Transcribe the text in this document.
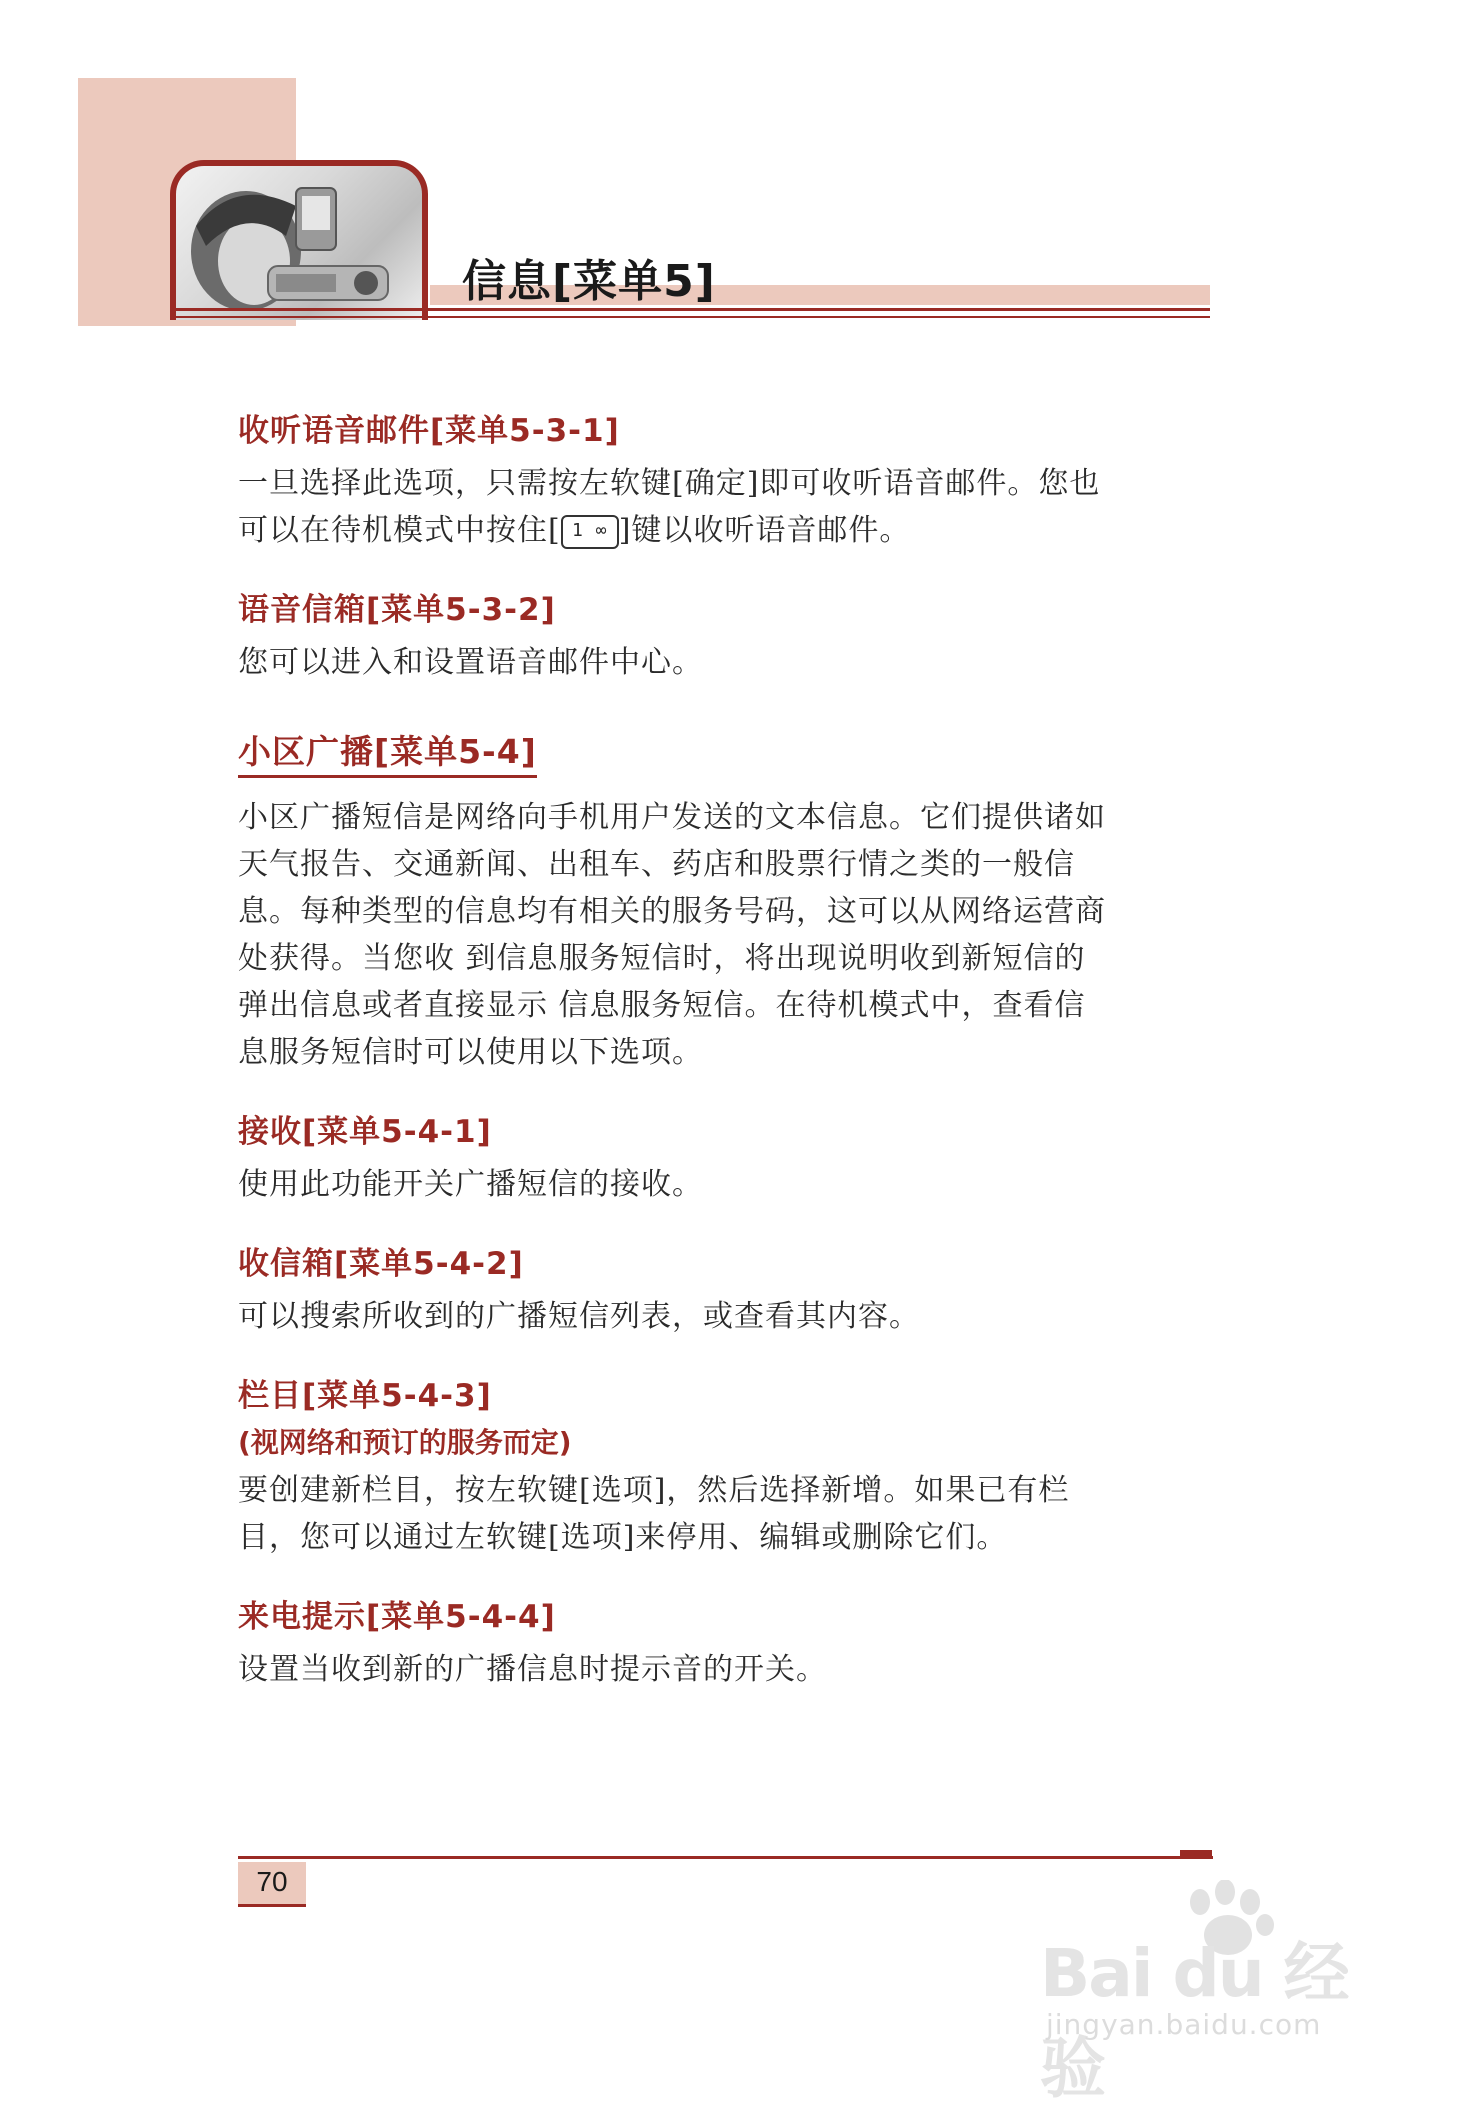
信息[菜单5]
收听语音邮件[菜单5-3-1]

一旦选择此选项，只需按左软键[确定]即可收听语音邮件。您也
可以在待机模式中按住[ 1 ∞ ]键以收听语音邮件。

语音信箱[菜单5-3-2]

您可以进入和设置语音邮件中心。

小区广播[菜单5-4]

小区广播短信是网络向手机用户发送的文本信息。它们提供诸如
天气报告、交通新闻、出租车、药店和股票行情之类的一般信
息。每种类型的信息均有相关的服务号码，这可以从网络运营商
处获得。当您收 到信息服务短信时，将出现说明收到新短信的
弹出信息或者直接显示 信息服务短信。在待机模式中，查看信
息服务短信时可以使用以下选项。

接收[菜单5-4-1]

使用此功能开关广播短信的接收。

收信箱[菜单5-4-2]

可以搜索所收到的广播短信列表，或查看其内容。

栏目[菜单5-4-3]
(视网络和预订的服务而定)

要创建新栏目，按左软键[选项]，然后选择新增。如果已有栏
目，您可以通过左软键[选项]来停用、编辑或删除它们。

来电提示[菜单5-4-4]

设置当收到新的广播信息时提示音的开关。

70
Bai du 经验
jingyan.baidu.com
